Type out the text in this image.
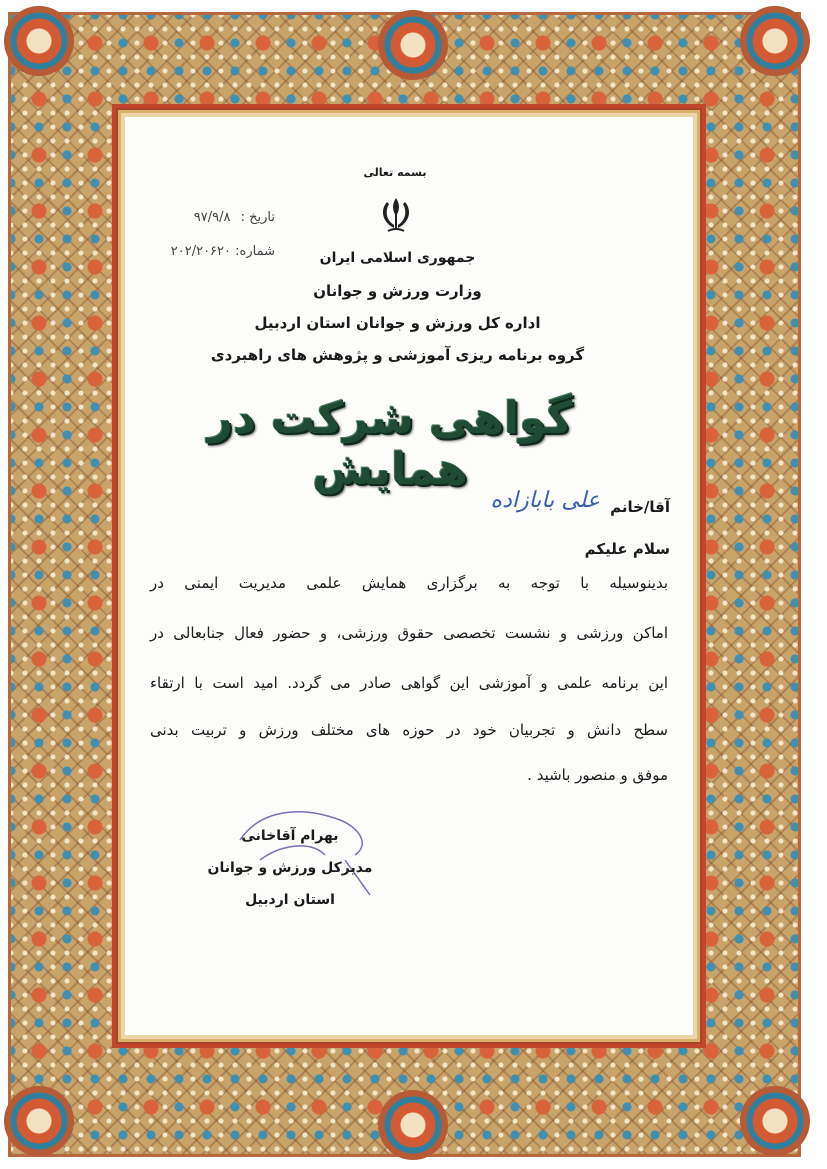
بسمه تعالی
جمهوری اسلامی ایران
وزارت ورزش و جوانان
اداره کل ورزش و جوانان استان اردبیل
گروه برنامه ریزی آموزشی و پژوهش های راهبردی
تاریخ : ۹۷/۹/۸
شماره: ۲۰۲/۲۰۶۲۰
گواهی شرکت در همایش
آقا/خانم
علی بابازاده
سلام علیکم
بدینوسیله با توجه به برگزاری همایش علمی مدیریت ایمنی در
اماکن ورزشی و نشست تخصصی حقوق ورزشی، و حضور فعال جنابعالی در
این برنامه علمی و آموزشی این گواهی صادر می گردد. امید است با ارتقاء
سطح دانش و تجربیان خود در حوزه های مختلف ورزش و تربیت بدنی
موفق و منصور باشید .
بهرام آقاخانی
مدیرکل ورزش و جوانان
استان اردبیل
